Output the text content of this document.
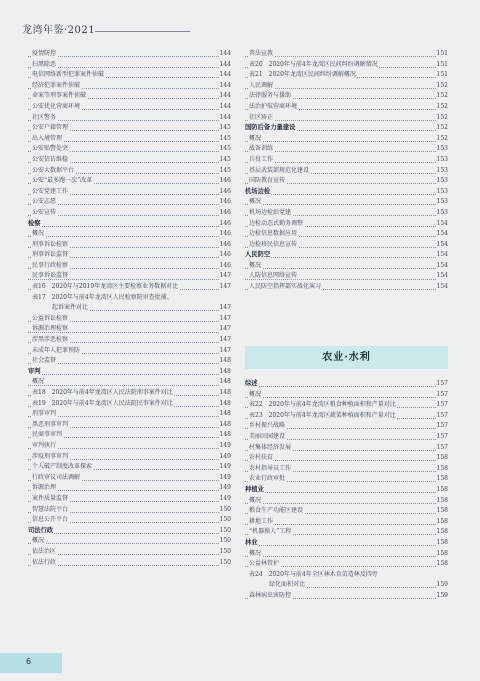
龙湾年鉴·2021
疫情防控	144
扫黑除恶	144
电信网络新型犯罪案件侦破	144
经济犯罪案件侦破	144
命案等刑事案件侦破	144
公安优化营商环境	144
社区警务	144
公安户籍管理	145
出入境管理	145
公安贴警处突	145
公安信访维稳	145
公安大数据平台	145
公安“最多跑一次”改革	146
公安党建工作	146
公安志愿	146
公安宣传	146
检察	146
概况	146
刑事诉讼检察	146
刑事诉讼监督	146
民事行政检察	146
民事诉讼监督	147
表16　2020年与2019年龙湾区主要检察业务数据对比	147
表17　2020年与前4年龙湾区人民检察院审查批捕、
起诉案件对比	147
公益诉讼检察	147
诉源治理检察	147
涉黑涉恶检察	147
未成年人犯罪预防	147
社会监督	148
审判	148
概况	148
表18　2020年与前4年龙湾区人民法院刑事案件对比	148
表19　2020年与前4年龙湾区人民法院民事案件对比	148
刑事审判	148
黑恶刑事审判	148
民商事审判	148
审判执行	149
涉疫刑事审判	149
个人破产制度改革探索	149
行政审议司法调解	149
诉源治理	149
案件质量监督	149
智慧法院平台	150
信息公开平台	150
司法行政	150
概况	150
依法治区	150
依法行政	150
普法宣教	151
表20　2020年与前4年龙湾区民间纠纷调解情况	151
表21　2020年龙湾区民间纠纷调解概况	151
人民调解	152
法律服务与援助	152
法治护航营商环境	152
社区矫正	152
国防后备力量建设	152
概况	152
战备训练	153
兵役工作	153
基层武装部规范化建设	153
国防教育宣传	153
机场边检	153
概况	153
机场边检站党建	153
边检动态式勤务调整	154
边检信息数据应用	154
边检移民信息宣传	154
人民防空	154
概况	154
人防信息网络宣传	154
人民防空指挥部实战化演习	154
农业·水利
综述	157
概况	157
表22　2020年与前4年龙湾区粮食种植面积和产量对比	157
表23　2020年与前4年龙湾区蔬菜种植面积和产量对比	157
乡村振兴战略	157
美丽田园建设	157
村集体经济发展	157
农村扶贫	158
农村指导员工作	158
农业行政审批	158
种植业	158
概况	158
粮食生产功能区建设	158
耕地工作	158
“机器换人”工程	158
林业	158
概况	158
公益林管护	158
表24　2020年与前4年全区林木育苗造林及四旁
绿化面积对比	159
森林病虫害防控	159
6
